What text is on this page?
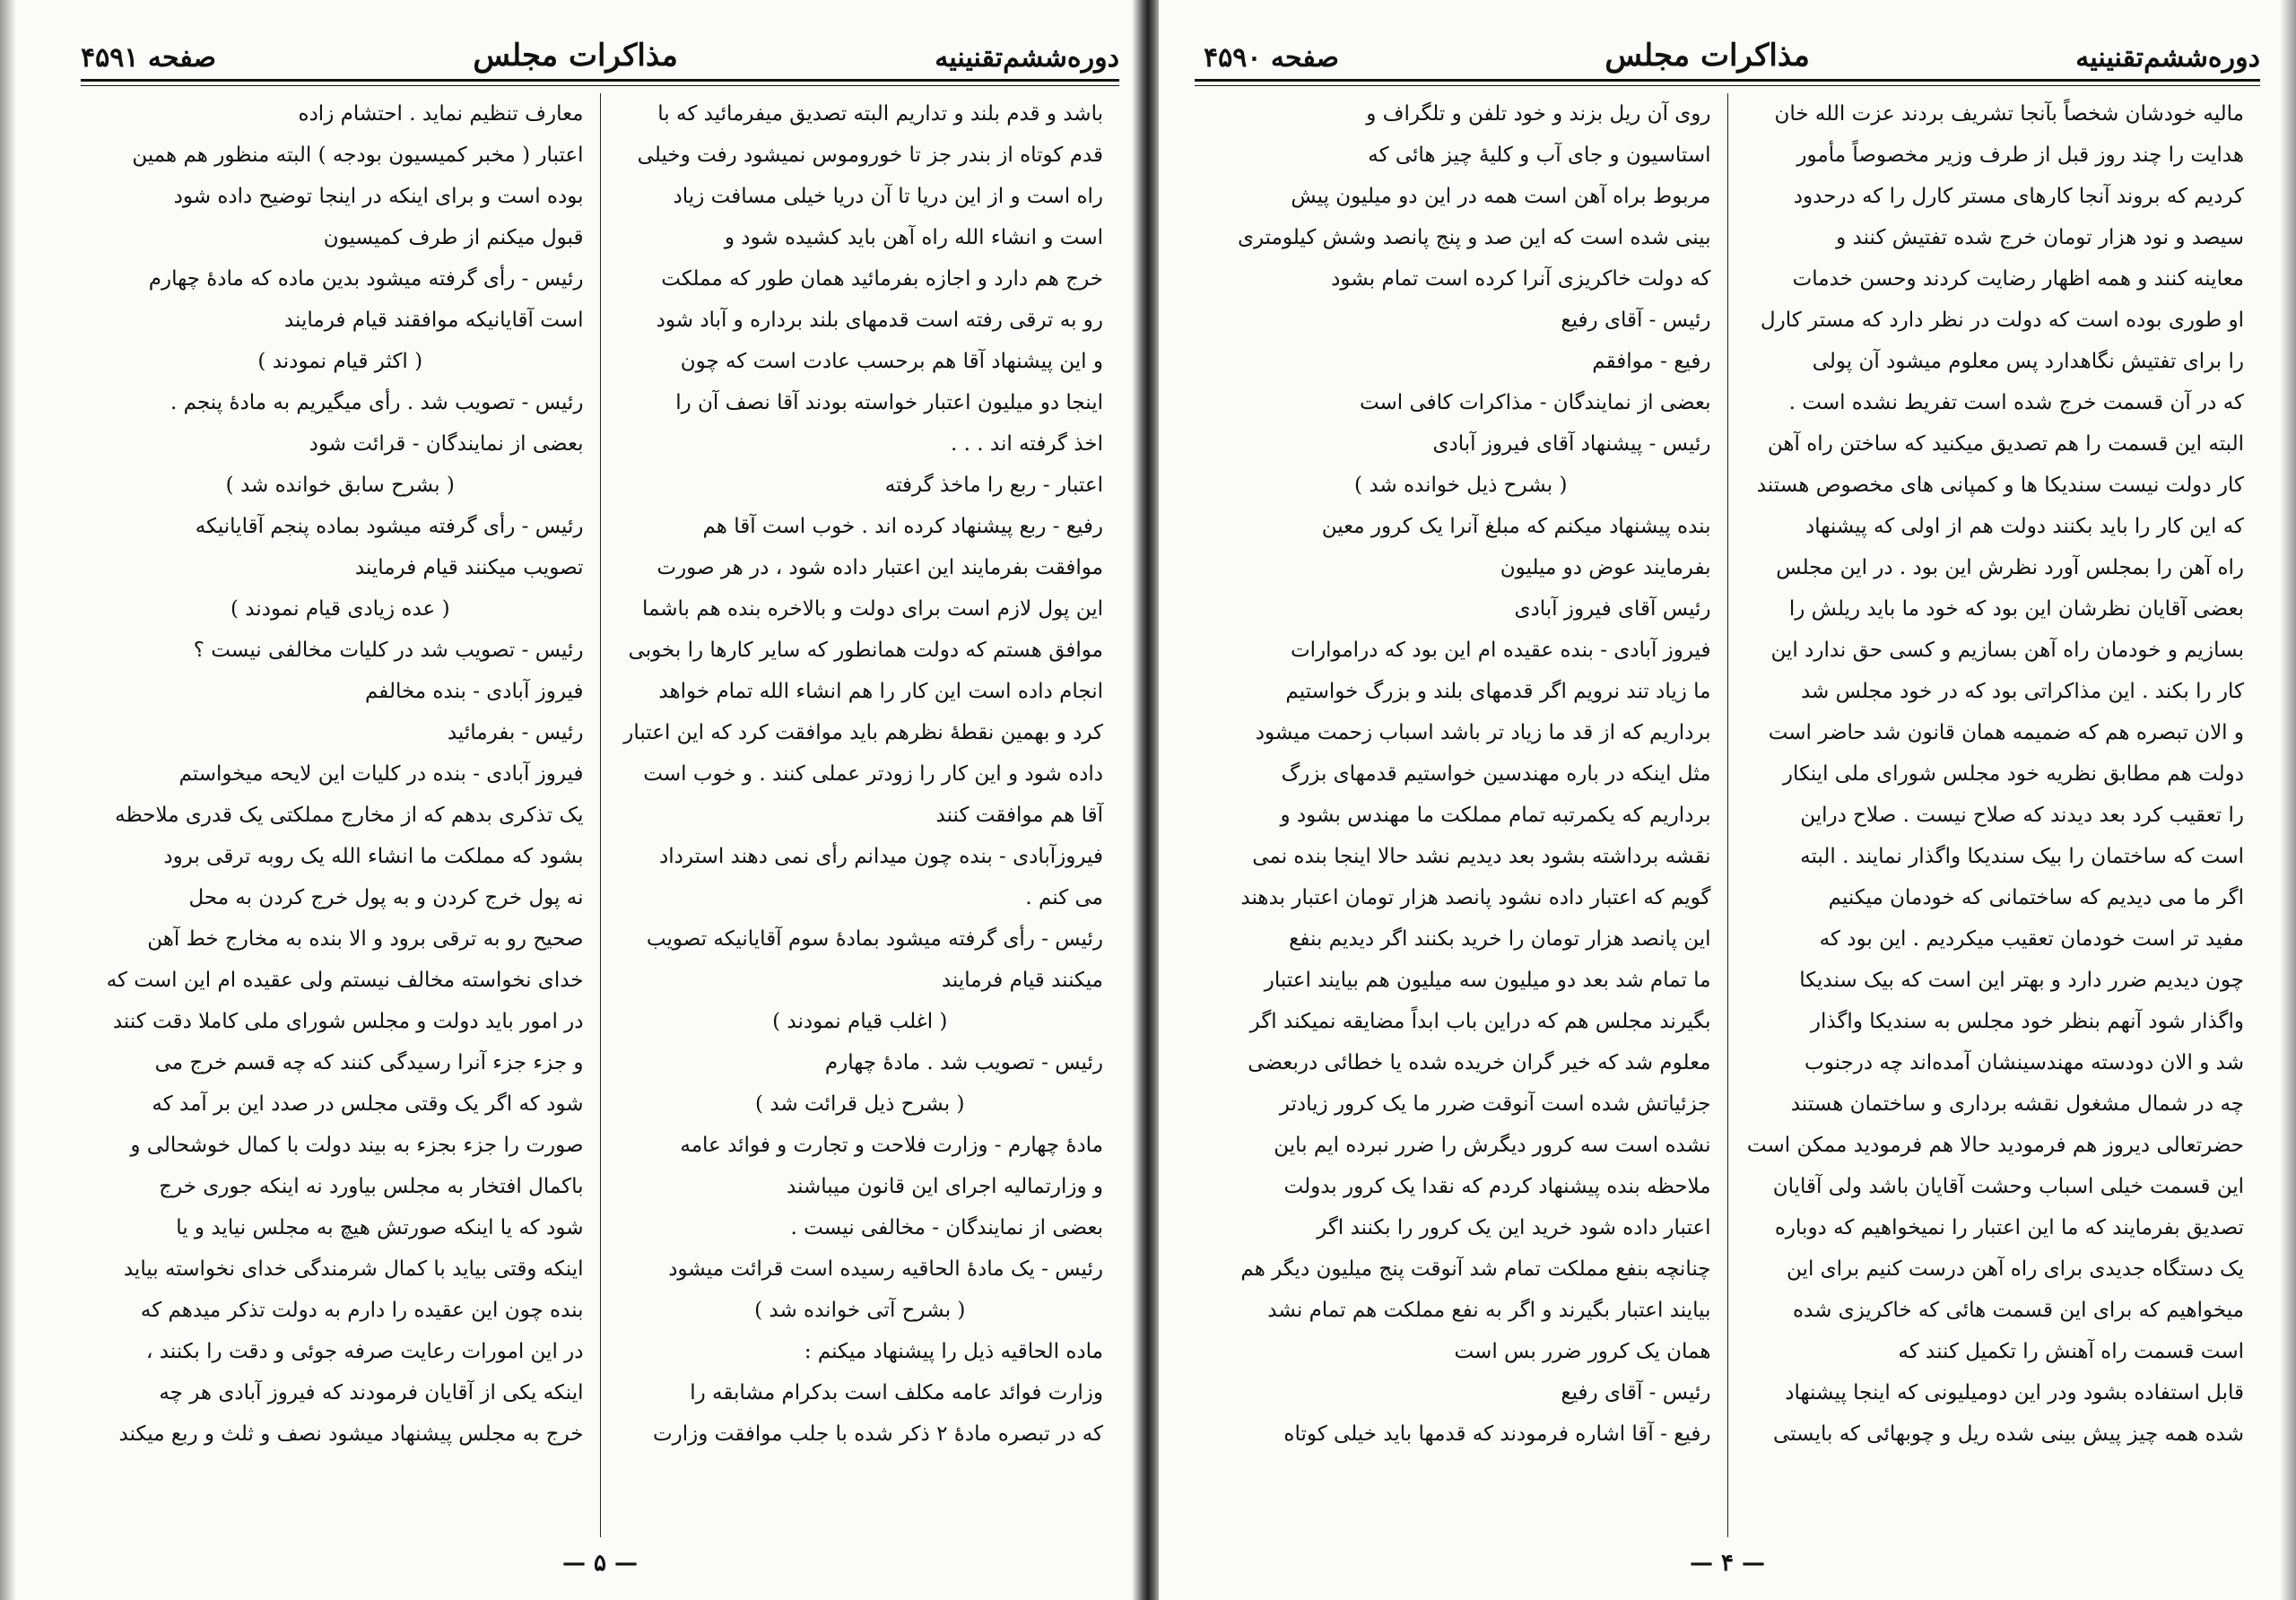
دوره‌ششم‌تقنینیه
مذاکرات مجلس
صفحه ۴۵۹۱

باشد و قدم بلند و تداریم البته تصدیق میفرمائید که با

قدم کوتاه از بندر جز تا خوروموس نمیشود رفت وخیلی

راه است و از این دریا تا آن دریا خیلی مسافت زیاد

است و انشاء الله راه آهن باید کشیده شود و

خرج هم دارد و اجازه بفرمائید همان طور که مملکت

رو به ترقی رفته است قدمهای بلند برداره و آباد شود

و این پیشنهاد آقا هم برحسب عادت است که چون

اینجا دو میلیون اعتبار خواسته بودند آقا نصف آن را

اخذ گرفته اند . . .

اعتبار - ربع را ماخذ گرفته

رفیع - ربع پیشنهاد کرده اند . خوب است آقا هم

موافقت بفرمایند این اعتبار داده شود ، در هر صورت

این پول لازم است برای دولت و بالاخره بنده هم باشما

موافق هستم که دولت همانطور که سایر کارها را بخوبی

انجام داده است این کار را هم انشاء الله تمام خواهد

کرد و بهمین نقطهٔ نظرهم باید موافقت کرد که این اعتبار

داده شود و این کار را زودتر عملی کنند . و خوب است

آقا هم موافقت کنند

فیروزآبادی - بنده چون میدانم رأی نمی دهند استرداد

می کنم .

رئیس - رأی گرفته میشود بمادهٔ سوم آقایانیکه تصویب

میکنند قیام فرمایند

( اغلب قیام نمودند )

رئیس - تصویب شد . مادهٔ چهارم

( بشرح ذیل قرائت شد )

مادهٔ چهارم - وزارت فلاحت و تجارت و فوائد عامه

و وزارتمالیه اجرای این قانون میباشند

بعضی از نمایندگان - مخالفی نیست .

رئیس - یک مادهٔ الحاقیه رسیده است قرائت میشود

( بشرح آتی خوانده شد )

ماده الحاقیه ذیل را پیشنهاد میکنم :

وزارت فوائد عامه مکلف است بدکرام مشابقه را

که در تبصره مادهٔ ۲ ذکر شده با جلب موافقت وزارت

معارف تنظیم نماید . احتشام زاده

اعتبار ( مخبر کمیسیون بودجه ) البته منظور هم همین

بوده است و برای اینکه در اینجا توضیح داده شود

قبول میکنم از طرف کمیسیون

رئیس - رأی گرفته میشود بدین ماده که مادهٔ چهارم

است آقایانیکه موافقند قیام فرمایند

( اکثر قیام نمودند )

رئیس - تصویب شد . رأی میگیریم به مادهٔ پنجم .

بعضی از نمایندگان - قرائت شود

( بشرح سابق خوانده شد )

رئیس - رأی گرفته میشود بماده پنجم آقایانیکه

تصویب میکنند قیام فرمایند

( عده زیادی قیام نمودند )

رئیس - تصویب شد در کلیات مخالفی نیست ؟

فیروز آبادی - بنده مخالفم

رئیس - بفرمائید

فیروز آبادی - بنده در کلیات این لایحه میخواستم

یک تذکری بدهم که از مخارج مملکتی یک قدری ملاحظه

بشود که مملکت ما انشاء الله یک روبه ترقی برود

نه پول خرج کردن و به پول خرج کردن به محل

صحیح رو به ترقی برود و الا بنده به مخارج خط آهن

خدای نخواسته مخالف نیستم ولی عقیده ام این است که

در امور باید دولت و مجلس شورای ملی کاملا دقت کنند

و جزء جزء آنرا رسیدگی کنند که چه قسم خرج می

شود که اگر یک وقتی مجلس در صدد این بر آمد که

صورت را جزء بجزء به بیند دولت با کمال خوشحالی و

باکمال افتخار به مجلس بیاورد نه اینکه جوری خرج

شود که یا اینکه صورتش هیچ به مجلس نیاید و یا

اینکه وقتی بیاید با کمال شرمندگی خدای نخواسته بیاید

بنده چون این عقیده را دارم به دولت تذکر میدهم که

در این امورات رعایت صرفه جوئی و دقت را بکنند ،

اینکه یکی از آقایان فرمودند که فیروز آبادی هر چه

خرج به مجلس پیشنهاد میشود نصف و ثلث و ربع میکند

— ۵ —
دوره‌ششم‌تقنینیه
مذاکرات مجلس
صفحه ۴۵۹۰

مالیه خودشان شخصاً بآنجا تشریف بردند عزت الله خان

هدایت را چند روز قبل از طرف وزیر مخصوصاً مأمور

کردیم که بروند آنجا کارهای مستر کارل را که درحدود

سیصد و نود هزار تومان خرج شده تفتیش کنند و

معاینه کنند و همه اظهار رضایت کردند وحسن خدمات

او طوری بوده است که دولت در نظر دارد که مستر کارل

را برای تفتیش نگاهدارد پس معلوم میشود آن پولی

که در آن قسمت خرج شده است تفریط نشده است .

البته این قسمت را هم تصدیق میکنید که ساختن راه آهن

کار دولت نیست سندیکا ها و کمپانی های مخصوص هستند

که این کار را باید بکنند دولت هم از اولی که پیشنهاد

راه آهن را بمجلس آورد نظرش این بود . در این مجلس

بعضی آقایان نظرشان این بود که خود ما باید ریلش را

بسازیم و خودمان راه آهن بسازیم و کسی حق ندارد این

کار را بکند . این مذاکراتی بود که در خود مجلس شد

و الان تبصره هم که ضمیمه همان قانون شد حاضر است

دولت هم مطابق نظریه خود مجلس شورای ملی اینکار

را تعقیب کرد بعد دیدند که صلاح نیست . صلاح دراین

است که ساختمان را بیک سندیکا واگذار نمایند . البته

اگر ما می دیدیم که ساختمانی که خودمان میکنیم

مفید تر است خودمان تعقیب میکردیم . این بود که

چون دیدیم ضرر دارد و بهتر این است که بیک سندیکا

واگذار شود آنهم بنظر خود مجلس به سندیکا واگذار

شد و الان دودسته مهندسینشان آمده‌اند چه درجنوب

چه در شمال مشغول نقشه برداری و ساختمان هستند

حضرتعالی دیروز هم فرمودید حالا هم فرمودید ممکن است

این قسمت خیلی اسباب وحشت آقایان باشد ولی آقایان

تصدیق بفرمایند که ما این اعتبار را نمیخواهیم که دوباره

یک دستگاه جدیدی برای راه آهن درست کنیم برای این

میخواهیم که برای این قسمت هائی که خاکریزی شده

است قسمت راه آهنش را تکمیل کنند که

قابل استفاده بشود ودر این دومیلیونی که اینجا پیشنهاد

شده همه چیز پیش بینی شده ریل و چوبهائی که بایستی

روی آن ریل بزند و خود تلفن و تلگراف و

استاسیون و جای آب و کلیهٔ چیز هائی که

مربوط براه آهن است همه در این دو میلیون پیش

بینی شده است که این صد و پنج پانصد وشش کیلومتری

که دولت خاکریزی آنرا کرده است تمام بشود

رئیس - آقای رفیع

رفیع - موافقم

بعضی از نمایندگان - مذاکرات کافی است

رئیس - پیشنهاد آقای فیروز آبادی

( بشرح ذیل خوانده شد )

بنده پیشنهاد میکنم که مبلغ آنرا یک کرور معین

بفرمایند عوض دو میلیون

رئیس آقای فیروز آبادی

فیروز آبادی - بنده عقیده ام این بود که دراموارات

ما زیاد تند نرویم اگر قدمهای بلند و بزرگ خواستیم

برداریم که از قد ما زیاد تر باشد اسباب زحمت میشود

مثل اینکه در باره مهندسین خواستیم قدمهای بزرگ

برداریم که یکمرتبه تمام مملکت ما مهندس بشود و

نقشه برداشته بشود بعد دیدیم نشد حالا اینجا بنده نمی

گویم که اعتبار داده نشود پانصد هزار تومان اعتبار بدهند

این پانصد هزار تومان را خرید بکنند اگر دیدیم بنفع

ما تمام شد بعد دو میلیون سه میلیون هم بیایند اعتبار

بگیرند مجلس هم که دراین باب ابداً مضایقه نمیکند اگر

معلوم شد که خیر گران خریده شده یا خطائی دربعضی

جزئیاتش شده است آنوقت ضرر ما یک کرور زیادتر

نشده است سه کرور دیگرش را ضرر نبرده ایم باین

ملاحظه بنده پیشنهاد کردم که نقدا یک کرور بدولت

اعتبار داده شود خرید این یک کرور را بکنند اگر

چنانچه بنفع مملکت تمام شد آنوقت پنج میلیون دیگر هم

بیایند اعتبار بگیرند و اگر به نفع مملکت هم تمام نشد

همان یک کرور ضرر بس است

رئیس - آقای رفیع

رفیع - آقا اشاره فرمودند که قدمها باید خیلی کوتاه

— ۴ —
